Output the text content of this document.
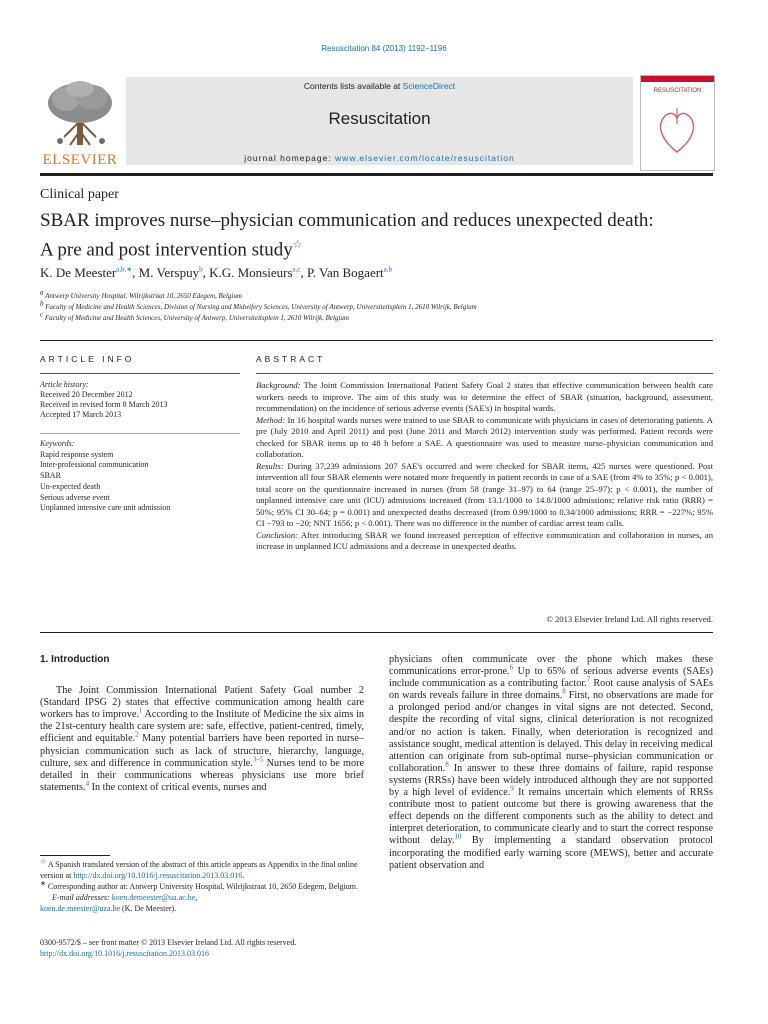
Resuscitation 84 (2013) 1192–1196
ELSEVIER
Contents lists available at ScienceDirect
Resuscitation
journal homepage: www.elsevier.com/locate/resuscitation
RESUSCITATION
Clinical paper
SBAR improves nurse–physician communication and reduces unexpected death:
A pre and post intervention study☆
K. De Meester$^{a,b,∗}$, M. Verspuy$^b$, K.G. Monsieurs$^{a,c}$, P. Van Bogaert$^{a,b}$
a Antwerp University Hospital, Wilrijkstraat 10, 2650 Edegem, Belgium
b Faculty of Medicine and Health Sciences, Division of Nursing and Midwifery Sciences, University of Antwerp, Universiteitsplein 1, 2610 Wilrijk, Belgium
c Faculty of Medicine and Health Sciences, University of Antwerp, Universiteitsplein 1, 2610 Wilrijk, Belgium
ARTICLE INFO	ABSTRACT
Article history:
Received 20 December 2012
Received in revised form 8 March 2013
Accepted 17 March 2013
Keywords:
Rapid response system
Inter-professional communication
SBAR
Un-expected death
Serious adverse event
Unplanned intensive care unit admission

Background: The Joint Commission International Patient Safety Goal 2 states that effective communication between health care workers needs to improve. The aim of this study was to determine the effect of SBAR (situation, background, assessment, recommendation) on the incidence of serious adverse events (SAE's) in hospital wards.

Method: In 16 hospital wards nurses were trained to use SBAR to communicate with physicians in cases of deteriorating patients. A pre (July 2010 and April 2011) and post (June 2011 and March 2012) intervention study was performed. Patient records were checked for SBAR items up to 48 h before a SAE. A questionnaire was used to measure nurse–physician communication and collaboration.

Results: During 37,239 admissions 207 SAE's occurred and were checked for SBAR items, 425 nurses were questioned. Post intervention all four SBAR elements were notated more frequently in patient records in case of a SAE (from 4% to 35%; p < 0.001), total score on the questionnaire increased in nurses (from 58 (range 31–97) to 64 (range 25–97); p < 0.001), the number of unplanned intensive care unit (ICU) admissions increased (from 13.1/1000 to 14.8/1000 admissions; relative risk ratio (RRR) = 50%; 95% CI 30–64; p = 0.001) and unexpected deaths decreased (from 0.99/1000 to 0.34/1000 admissions; RRR = −227%; 95% CI −793 to −20; NNT 1656; p < 0.001). There was no difference in the number of cardiac arrest team calls.

Conclusion: After introducing SBAR we found increased perception of effective communication and collaboration in nurses, an increase in unplanned ICU admissions and a decrease in unexpected deaths.

© 2013 Elsevier Ireland Ltd. All rights reserved.
1. Introduction

The Joint Commission International Patient Safety Goal number 2 (Standard IPSG 2) states that effective communication among health care workers has to improve.$^1$ According to the Institute of Medicine the six aims in the 21st-century health care system are: safe, effective, patient-centred, timely, efficient and equitable.$^2$ Many potential barriers have been reported in nurse–physician communication such as lack of structure, hierarchy, language, culture, sex and difference in communication style.$^{3-5}$ Nurses tend to be more detailed in their communications whereas physicians use more brief statements.$^4$ In the context of critical events, nurses and

physicians often communicate over the phone which makes these communications error-prone.$^6$ Up to 65% of serious adverse events (SAEs) include communication as a contributing factor.$^7$ Root cause analysis of SAEs on wards reveals failure in three domains.$^8$ First, no observations are made for a prolonged period and/or changes in vital signs are not detected. Second, despite the recording of vital signs, clinical deterioration is not recognized and/or no action is taken. Finally, when deterioration is recognized and assistance sought, medical attention is delayed. This delay in receiving medical attention can originate from sub-optimal nurse–physician communication or collaboration.$^8$ In answer to these three domains of failure, rapid response systems (RRSs) have been widely introduced although they are not supported by a high level of evidence.$^9$ It remains uncertain which elements of RRSs contribute most to patient outcome but there is growing awareness that the effect depends on the different components such as the ability to detect and interpret deterioration, to communicate clearly and to start the correct response without delay.$^{10}$ By implementing a standard observation protocol incorporating the modified early warning score (MEWS), better and accurate patient observation and

☆ A Spanish translated version of the abstract of this article appears as Appendix in the final online version at http://dx.doi.org/10.1016/j.resuscitation.2013.03.016.

∗ Corresponding author at: Antwerp University Hospital, Wilrijkstraat 10, 2650 Edegem, Belgium.

E-mail addresses: koen.demeester@ua.ac.be,

koen.de.meester@uza.be (K. De Meester).

0300-9572/$ – see front matter © 2013 Elsevier Ireland Ltd. All rights reserved.

http://dx.doi.org/10.1016/j.resuscitation.2013.03.016
